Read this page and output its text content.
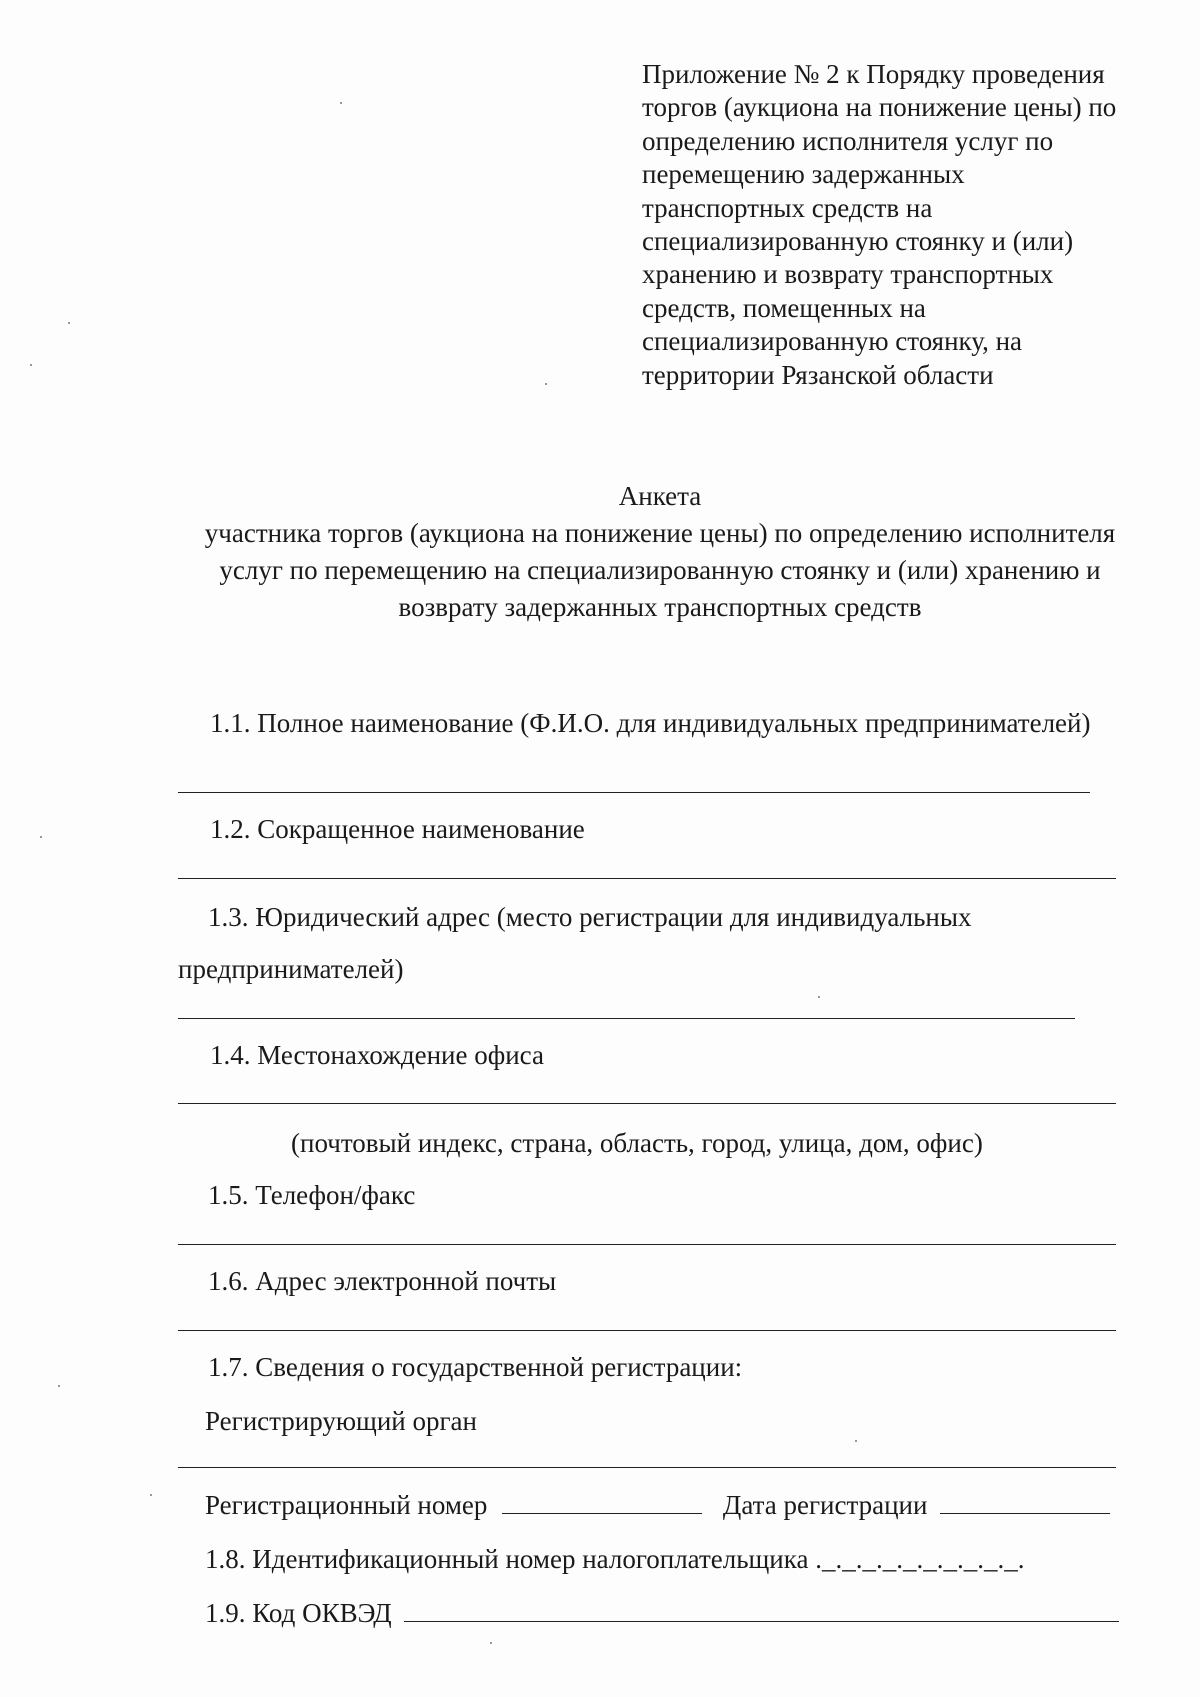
Приложение № 2 к Порядку проведения
торгов (аукциона на понижение цены) по
определению исполнителя услуг по
перемещению задержанных
транспортных средств на
специализированную стоянку и (или)
хранению и возврату транспортных
средств, помещенных на
специализированную стоянку, на
территории Рязанской области
Анкета
участника торгов (аукциона на понижение цены) по определению исполнителя
услуг по перемещению на специализированную стоянку и (или) хранению и
возврату задержанных транспортных средств
1.1. Полное наименование (Ф.И.О. для индивидуальных предпринимателей)
1.2. Сокращенное наименование
1.3. Юридический адрес (место регистрации для индивидуальных
предпринимателей)
1.4. Местонахождение офиса
(почтовый индекс, страна, область, город, улица, дом, офис)
1.5. Телефон/факс
1.6. Адрес электронной почты
1.7. Сведения о государственной регистрации:
Регистрирующий орган
Регистрационный номер	Дата регистрации
1.8. Идентификационный номер налогоплательщика ._._._._._._._._._._.
1.9. Код ОКВЭД
